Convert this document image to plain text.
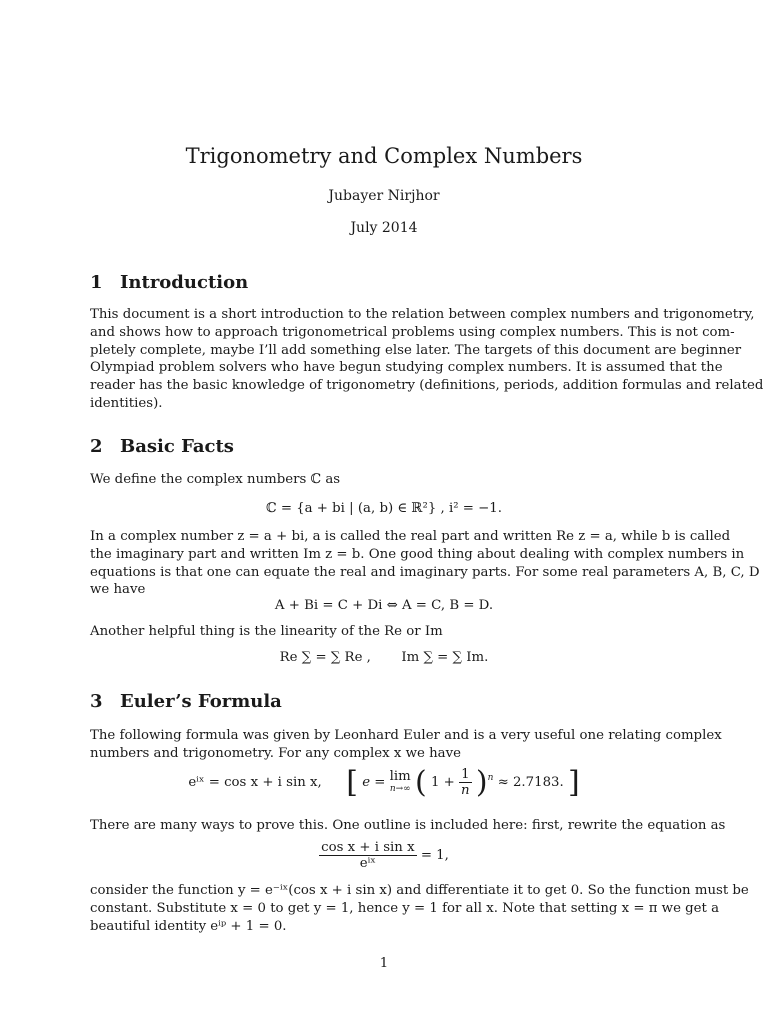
Trigonometry and Complex Numbers
Jubayer Nirjhor
July 2014
1 Introduction
This document is a short introduction to the relation between complex numbers and trigonometry,
and shows how to approach trigonometrical problems using complex numbers. This is not com-
pletely complete, maybe I’ll add something else later. The targets of this document are beginner
Olympiad problem solvers who have begun studying complex numbers. It is assumed that the
reader has the basic knowledge of trigonometry (definitions, periods, addition formulas and related
identities).
2 Basic Facts
We define the complex numbers ℂ as
ℂ = {a + bi | (a, b) ∈ ℝ²} , i² = −1.
In a complex number z = a + bi, a is called the real part and written Re z = a, while b is called
the imaginary part and written Im z = b. One good thing about dealing with complex numbers in
equations is that one can equate the real and imaginary parts. For some real parameters A, B, C, D
we have
A + Bi = C + Di ⇔ A = C, B = D.
Another helpful thing is the linearity of the Re or Im
Re ∑ = ∑ Re , Im ∑ = ∑ Im.
3 Euler’s Formula
The following formula was given by Leonhard Euler and is a very useful one relating complex
numbers and trigonometry. For any complex x we have
eⁱˣ = cos x + i sin x, [ e = lim
n→∞ ( $1 + \frac{1}{n} )^n \approx 2.7183$. ]
There are many ways to prove this. One outline is included here: first, rewrite the equation as
$\frac{\text{cos x + i sin x}}{\text{eⁱˣ}} = 1$,
consider the function y = e⁻ⁱˣ(cos x + i sin x) and differentiate it to get 0. So the function must be
constant. Substitute x = 0 to get y = 1, hence y = 1 for all x. Note that setting x = π we get a
beautiful identity eⁱᵖ + 1 = 0.
1
